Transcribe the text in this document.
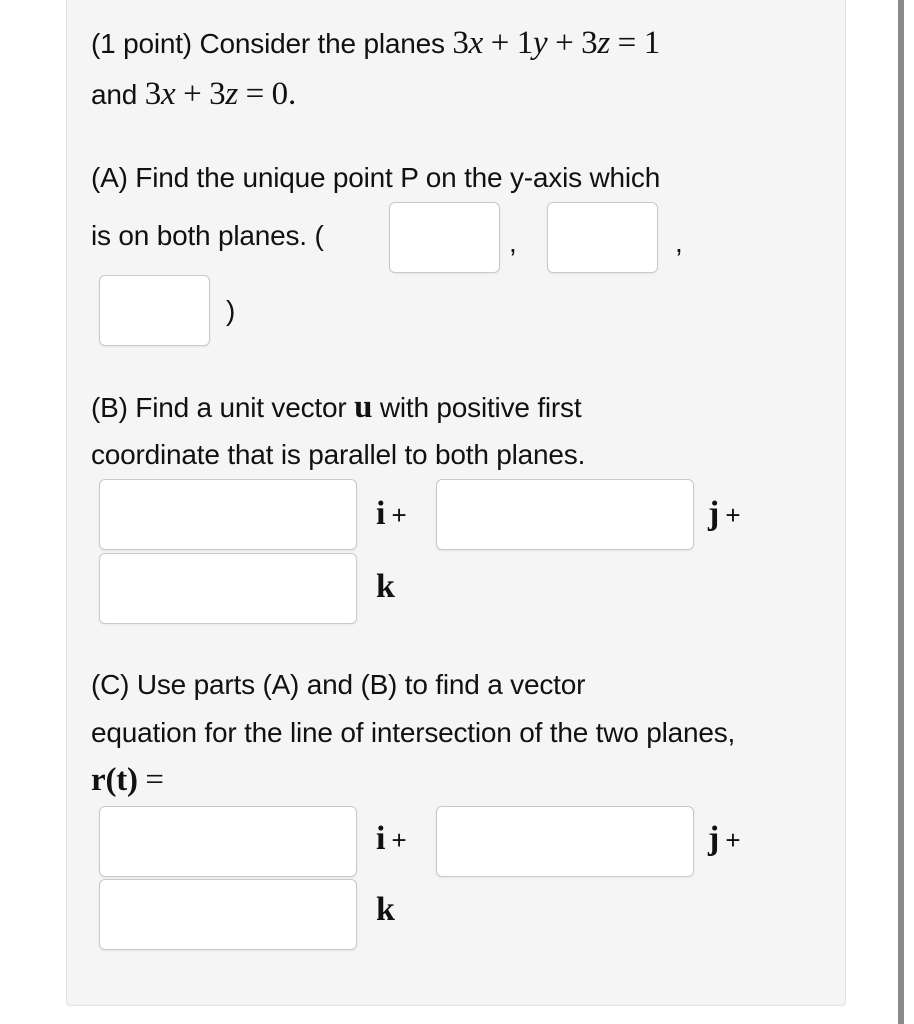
(1 point) Consider the planes 3x + 1y + 3z = 1
and 3x + 3z = 0.
(A) Find the unique point P on the y-axis which
is on both planes. (	,	,
)
(B) Find a unit vector u with positive first
coordinate that is parallel to both planes.
i +	j +
k
(C) Use parts (A) and (B) to find a vector
equation for the line of intersection of the two planes,
r(t) =
i +	j +
k
